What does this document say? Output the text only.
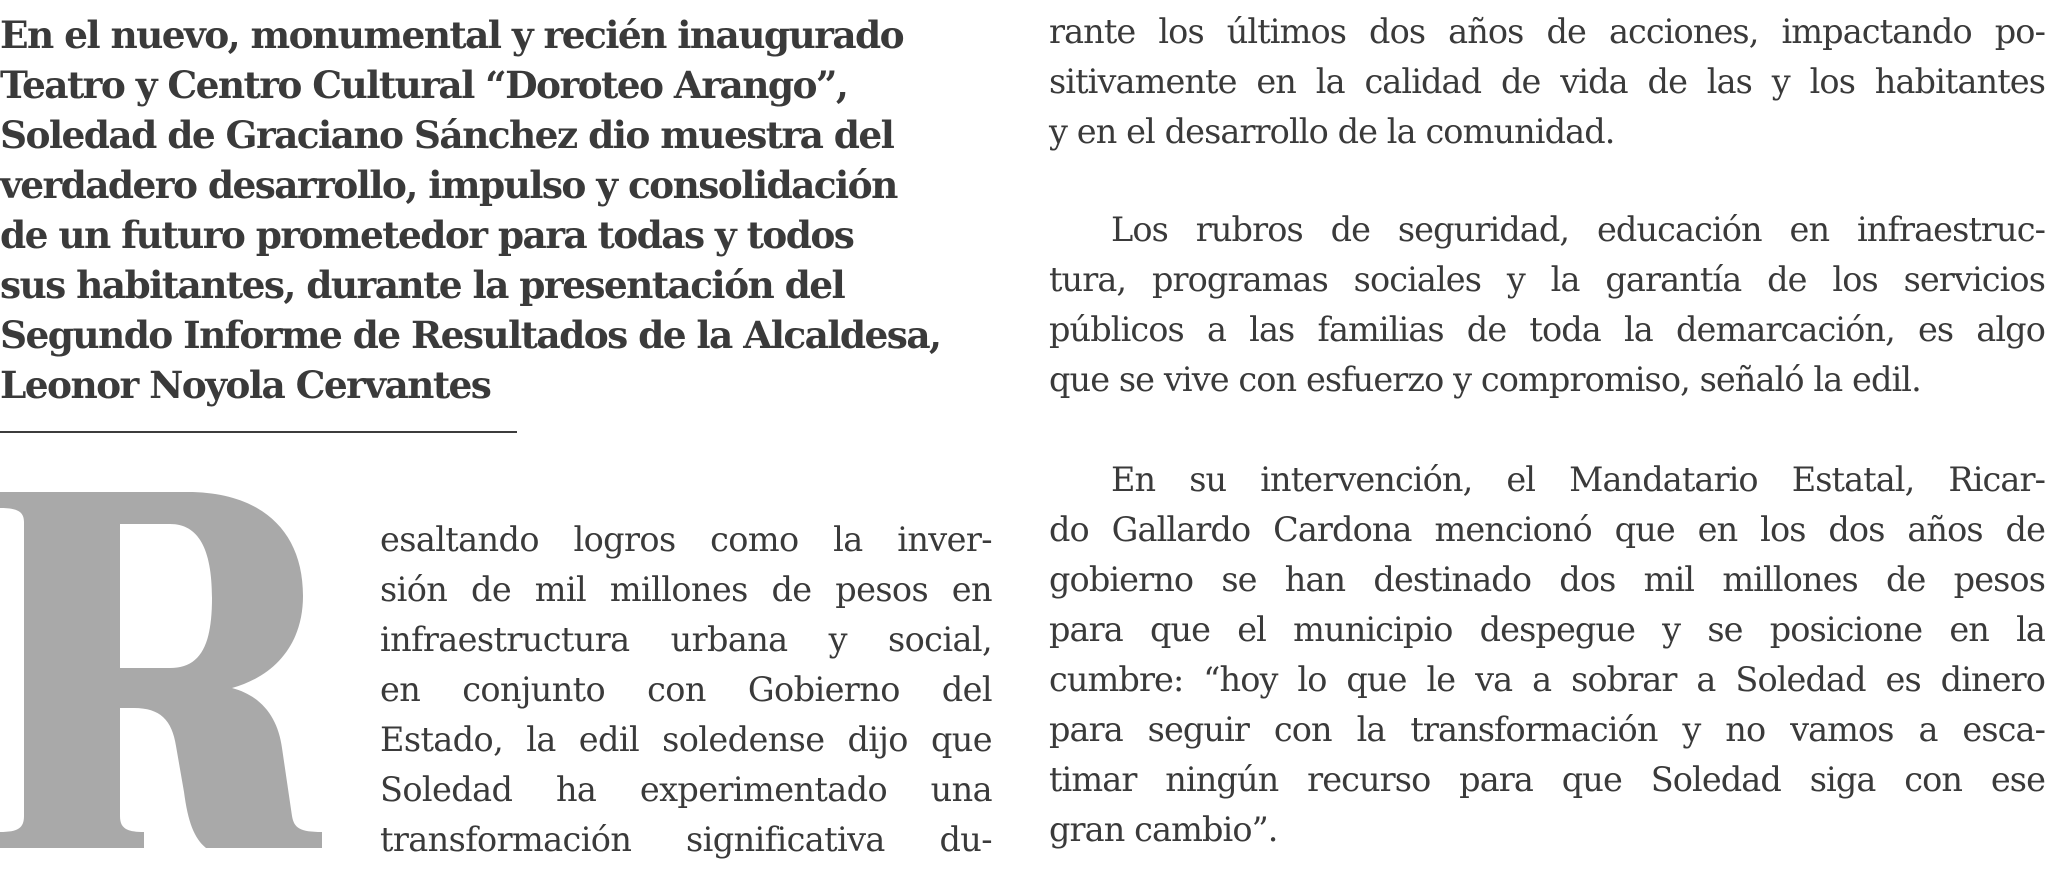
En el nuevo, monumental y recién inaugurado
Teatro y Centro Cultural “Doroteo Arango”,
Soledad de Graciano Sánchez dio muestra del
verdadero desarrollo, impulso y consolidación
de un futuro prometedor para todas y todos
sus habitantes, durante la presentación del
Segundo Informe de Resultados de la Alcaldesa,
Leonor Noyola Cervantes
esaltando logros como la inver-
sión de mil millones de pesos en
infraestructura urbana y social,
en conjunto con Gobierno del
Estado, la edil soledense dijo que
Soledad ha experimentado una
transformación significativa du-
rante los últimos dos años de acciones, impactando po-
sitivamente en la calidad de vida de las y los habitantes
y en el desarrollo de la comunidad.
Los rubros de seguridad, educación en infraestruc-
tura, programas sociales y la garantía de los servicios
públicos a las familias de toda la demarcación, es algo
que se vive con esfuerzo y compromiso, señaló la edil.
En su intervención, el Mandatario Estatal, Ricar-
do Gallardo Cardona mencionó que en los dos años de
gobierno se han destinado dos mil millones de pesos
para que el municipio despegue y se posicione en la
cumbre: “hoy lo que le va a sobrar a Soledad es dinero
para seguir con la transformación y no vamos a esca-
timar ningún recurso para que Soledad siga con ese
gran cambio”.
